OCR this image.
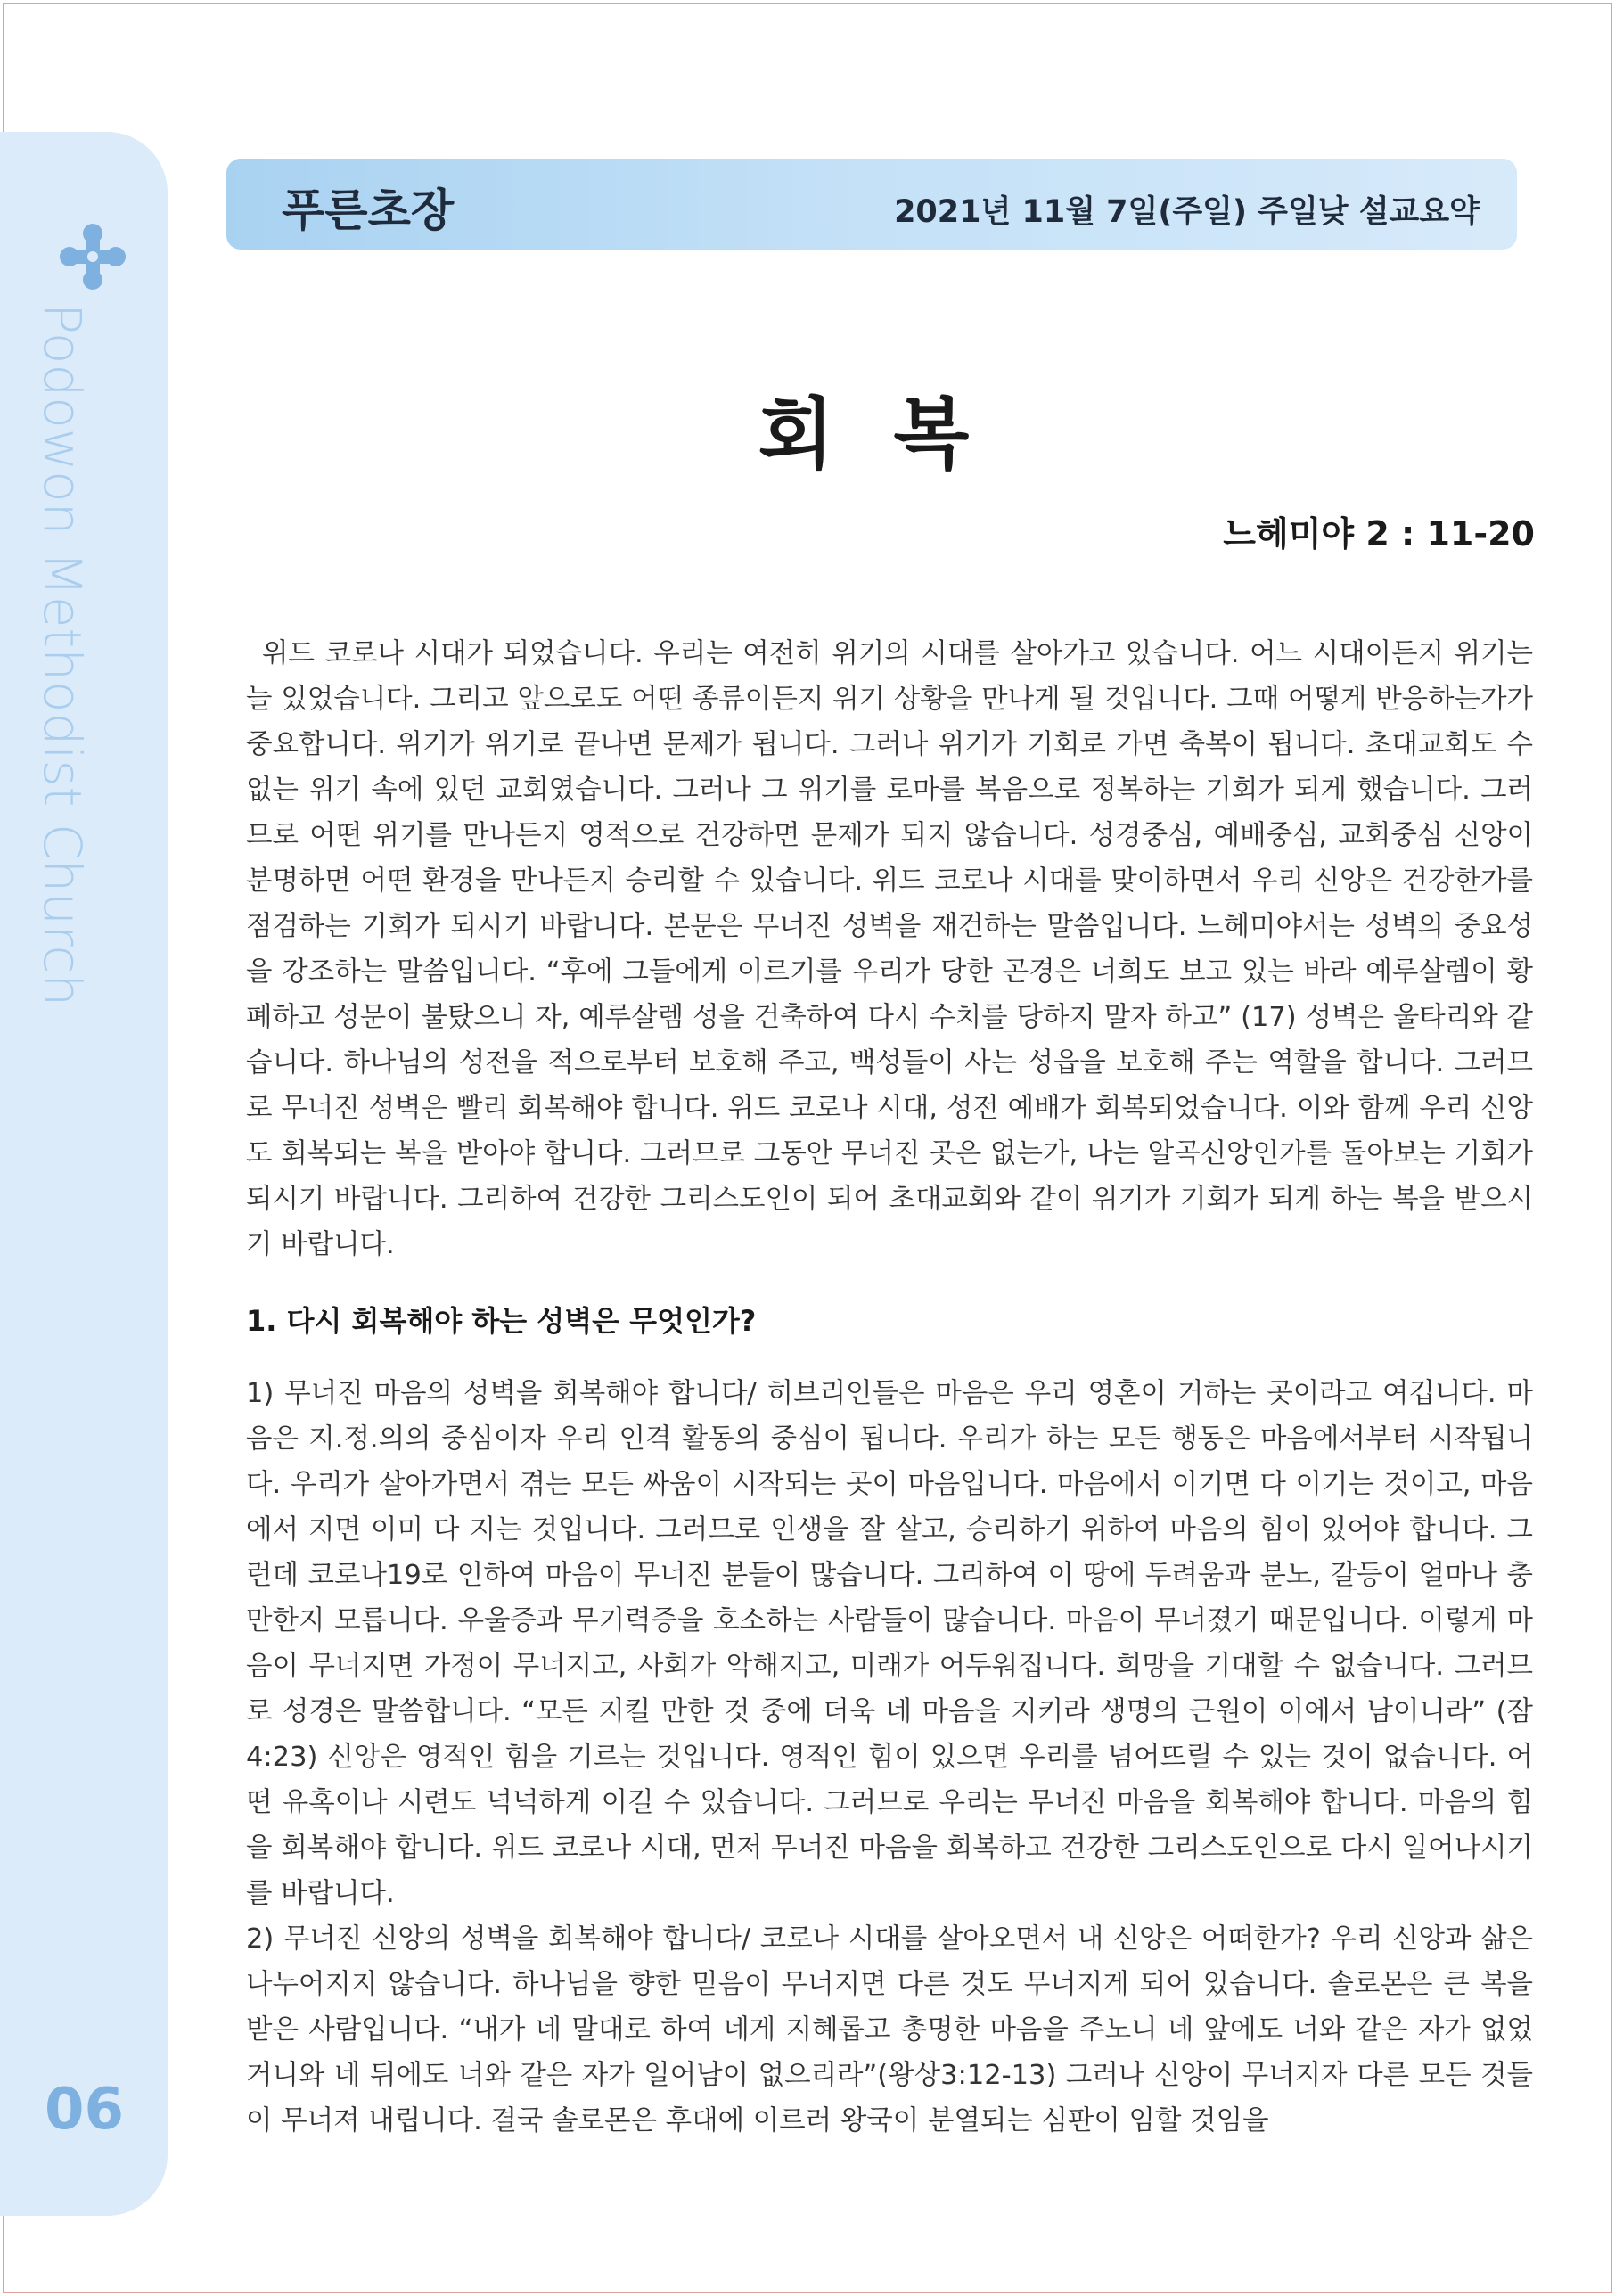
Podowon Methodist Church
06
푸른초장	2021년 11월 7일(주일) 주일낮 설교요약
회 복
느헤미야 2 : 11-20

위드 코로나 시대가 되었습니다. 우리는 여전히 위기의 시대를 살아가고 있습니다. 어느 시대이든지 위기는 늘 있었습니다. 그리고 앞으로도 어떤 종류이든지 위기 상황을 만나게 될 것입니다. 그때 어떻게 반응하는가가 중요합니다. 위기가 위기로 끝나면 문제가 됩니다. 그러나 위기가 기회로 가면 축복이 됩니다. 초대교회도 수 없는 위기 속에 있던 교회였습니다. 그러나 그 위기를 로마를 복음으로 정복하는 기회가 되게 했습니다. 그러므로 어떤 위기를 만나든지 영적으로 건강하면 문제가 되지 않습니다. 성경중심, 예배중심, 교회중심 신앙이 분명하면 어떤 환경을 만나든지 승리할 수 있습니다. 위드 코로나 시대를 맞이하면서 우리 신앙은 건강한가를 점검하는 기회가 되시기 바랍니다. 본문은 무너진 성벽을 재건하는 말씀입니다. 느헤미야서는 성벽의 중요성을 강조하는 말씀입니다. “후에 그들에게 이르기를 우리가 당한 곤경은 너희도 보고 있는 바라 예루살렘이 황폐하고 성문이 불탔으니 자, 예루살렘 성을 건축하여 다시 수치를 당하지 말자 하고” (17) 성벽은 울타리와 같습니다. 하나님의 성전을 적으로부터 보호해 주고, 백성들이 사는 성읍을 보호해 주는 역할을 합니다. 그러므로 무너진 성벽은 빨리 회복해야 합니다. 위드 코로나 시대, 성전 예배가 회복되었습니다. 이와 함께 우리 신앙도 회복되는 복을 받아야 합니다. 그러므로 그동안 무너진 곳은 없는가, 나는 알곡신앙인가를 돌아보는 기회가 되시기 바랍니다. 그리하여 건강한 그리스도인이 되어 초대교회와 같이 위기가 기회가 되게 하는 복을 받으시기 바랍니다.

1. 다시 회복해야 하는 성벽은 무엇인가?

1) 무너진 마음의 성벽을 회복해야 합니다/ 히브리인들은 마음은 우리 영혼이 거하는 곳이라고 여깁니다. 마음은 지.정.의의 중심이자 우리 인격 활동의 중심이 됩니다. 우리가 하는 모든 행동은 마음에서부터 시작됩니다. 우리가 살아가면서 겪는 모든 싸움이 시작되는 곳이 마음입니다. 마음에서 이기면 다 이기는 것이고, 마음에서 지면 이미 다 지는 것입니다. 그러므로 인생을 잘 살고, 승리하기 위하여 마음의 힘이 있어야 합니다. 그런데 코로나19로 인하여 마음이 무너진 분들이 많습니다. 그리하여 이 땅에 두려움과 분노, 갈등이 얼마나 충만한지 모릅니다. 우울증과 무기력증을 호소하는 사람들이 많습니다. 마음이 무너졌기 때문입니다. 이렇게 마음이 무너지면 가정이 무너지고, 사회가 악해지고, 미래가 어두워집니다. 희망을 기대할 수 없습니다. 그러므로 성경은 말씀합니다. “모든 지킬 만한 것 중에 더욱 네 마음을 지키라 생명의 근원이 이에서 남이니라” (잠4:23) 신앙은 영적인 힘을 기르는 것입니다. 영적인 힘이 있으면 우리를 넘어뜨릴 수 있는 것이 없습니다. 어떤 유혹이나 시련도 넉넉하게 이길 수 있습니다. 그러므로 우리는 무너진 마음을 회복해야 합니다. 마음의 힘을 회복해야 합니다. 위드 코로나 시대, 먼저 무너진 마음을 회복하고 건강한 그리스도인으로 다시 일어나시기를 바랍니다.

2) 무너진 신앙의 성벽을 회복해야 합니다/ 코로나 시대를 살아오면서 내 신앙은 어떠한가? 우리 신앙과 삶은 나누어지지 않습니다. 하나님을 향한 믿음이 무너지면 다른 것도 무너지게 되어 있습니다. 솔로몬은 큰 복을 받은 사람입니다. “내가 네 말대로 하여 네게 지혜롭고 총명한 마음을 주노니 네 앞에도 너와 같은 자가 없었거니와 네 뒤에도 너와 같은 자가 일어남이 없으리라”(왕상3:12-13) 그러나 신앙이 무너지자 다른 모든 것들이 무너져 내립니다. 결국 솔로몬은 후대에 이르러 왕국이 분열되는 심판이 임할 것임을
